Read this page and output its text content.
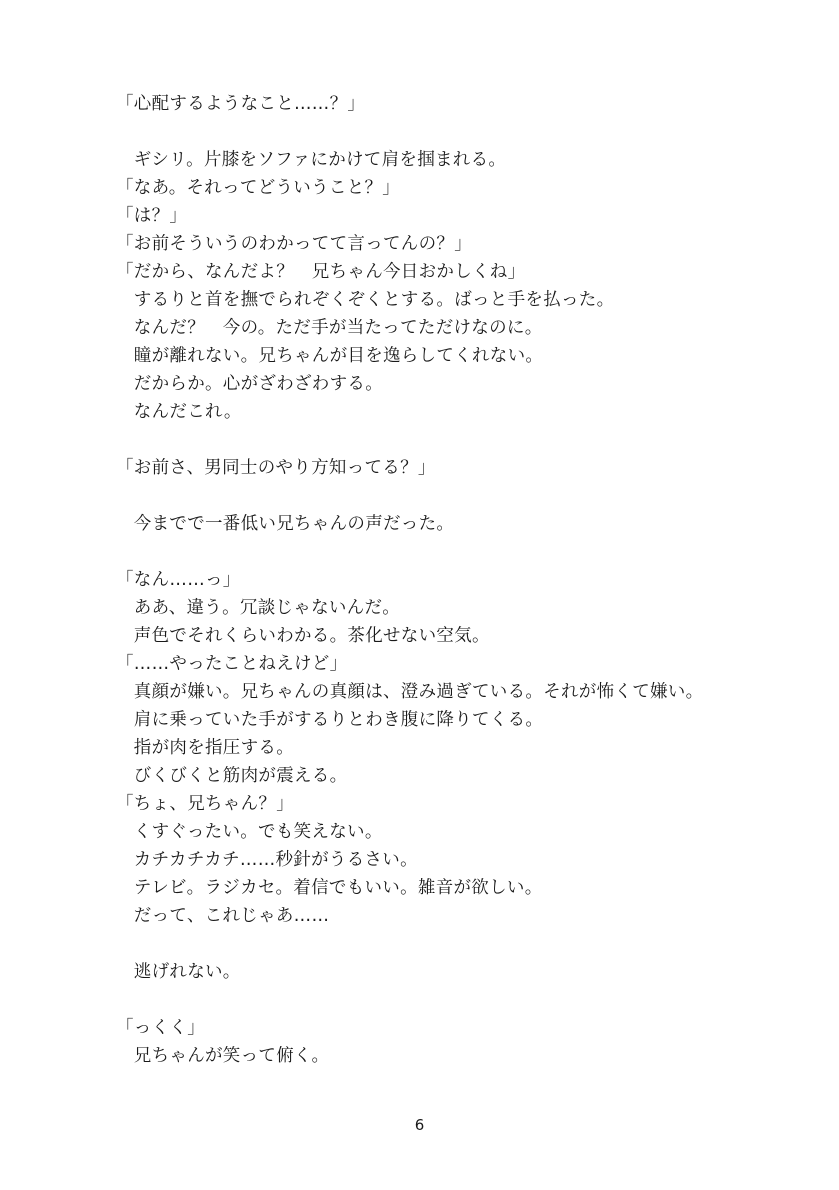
「心配するようなこと……？」
　ギシリ。片膝をソファにかけて肩を掴まれる。
「なあ。それってどういうこと？」
「は？」
「お前そういうのわかってて言ってんの？」
「だから、なんだよ？　兄ちゃん今日おかしくね」
　するりと首を撫でられぞくぞくとする。ばっと手を払った。
　なんだ？　今の。ただ手が当たってただけなのに。
　瞳が離れない。兄ちゃんが目を逸らしてくれない。
　だからか。心がざわざわする。
　なんだこれ。
「お前さ、男同士のやり方知ってる？」
　今までで一番低い兄ちゃんの声だった。
「なん……っ」
　ああ、違う。冗談じゃないんだ。
　声色でそれくらいわかる。茶化せない空気。
「……やったことねえけど」
　真顔が嫌い。兄ちゃんの真顔は、澄み過ぎている。それが怖くて嫌い。
　肩に乗っていた手がするりとわき腹に降りてくる。
　指が肉を指圧する。
　びくびくと筋肉が震える。
「ちょ、兄ちゃん？」
　くすぐったい。でも笑えない。
　カチカチカチ……秒針がうるさい。
　テレビ。ラジカセ。着信でもいい。雑音が欲しい。
　だって、これじゃあ……
　逃げれない。
「っくく」
　兄ちゃんが笑って俯く。
6
